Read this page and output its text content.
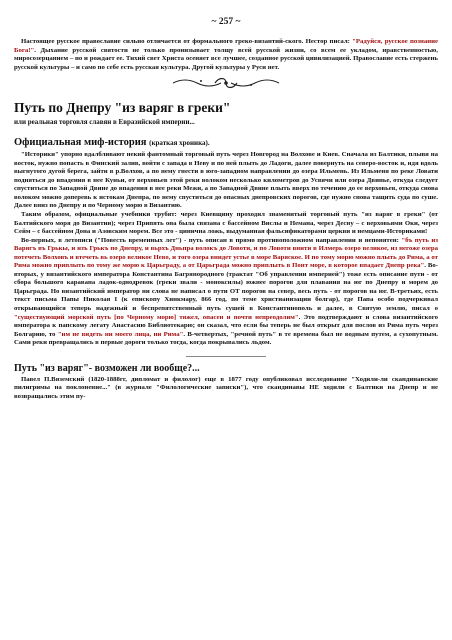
~ 257 ~

Настоящее русское православие сильно отличается от формального греко-византий-ского. Нестор писал: "Радуйся, русское познание Бога!". Дыхание русской святости не только пронизывает толщу всей русской жизни, со всем ее укладом, нравственностью, миросозерцанием – но и рождает ее. Тихий свет Христа осеняет все лучшее, созданное русской цивилизацией. Православие есть стержень русской культуры – и само по себе есть русская культура. Другой культуры у Руси нет.

Путь по Днепру "из варяг в греки"
или реальная торговля славян в Евразийской империи...
Официальная миф-история (краткая хроника).

"Историки" упорно вдалбливают некий фантомный торговый путь через Новгород на Волхове и Киев. Сначала из Балтики, плывя на восток, нужно попасть в Финский залив, войти с запада в Неву и по ней плыть до Ладоги, далее повернуть на северо-восток и, идя вдоль выгнутого дугой берега, зайти в р.Волхов, а по нему гнести в юго-западном направлении до озера Ильмень. Из Ильменя по реке Ловати подняться до впадения в нее Куньи, от верховьев этой реки волоком несколько километров до Усвячи или озера Двинье, откуда следует спуститься по Западной Двине до впадения в нее реки Межи, а по Западной Двине плыть вверх по течению до ее верховьев, откуда снова волоком можно доперевь к истокам Днепра, по нему спуститься до опасных днепровских порогов, где нужно снова тащить суда по суше. Далее вниз по Днепру и по Черному морю в Византию.

Таким образом, официальные учебники трубят: через Киевщину проходил знаменитый торговый путь "из варяг в греки" (от Балтийского моря до Византии); через Припять она была связана с бассейном Вислы и Немана, через Десну – с верховьями Оки, через Сейм – с бассейном Дона и Азовским морем. Все это - цинична ложь, выдуманная фальсификаторами церкви и немцами-Историками!

Во-первых, в летописи ("Повесть временных лет") - путь описан в прямо противоположном направлении и непонятен: "бъ путь из Варягъ въ Грькы, и изъ Грькъ по Днепру, и вьрхъ Дньпра волокъ до Ловоти, и по Ловоти внити в Илмерь озеро великое, из негоже озера потечеть Волховъ и втечеть вь озеро великое Нево, и того озера внидет устье в море Варяское. И по тому морю можно плыть до Рима, а от Рима можно приплыть по тому же морю к Царьграду, а от Царьграда можно приплыть в Понт море, в которое впадает Днепр река". Во-вторых, у византийского императора Константина Багрянородного (трактат "Об управлении империей") тоже есть описание пути - от сбора большого каравана ладок-однодревок (греки звали - моноксилы) южнее порогов для плавания на юг по Днепру и морем до Царьграда. Но византийский император ни слова не написал о пути ОТ порогов на север, весь путь - от порогов на юг. В-третьих, есть текст письма Папы Николая I (к епископу Хинкмару, 866 год, по теме христианизации болгар), где Папа особо подчеркивал открывающийся теперь надежный и беспрепятственный путь сушей в Константинополь и далее, в Святую землю, писал о "существующий морской путь [по Черному морю] тяжел, опасен и почти непреодолим". Это подтверждают и слова византийского императора к папскому легату Анастасию Библиотекарю; он сказал, что если бы теперь не был открыт для послов из Рима путь через Болгарию, то "им не видеть ни моего лица, ни Рима". В-четвертых, "речной путь" в те времена был не водным путем, а сухопутным. Сами реки превращались в первые дороги только тогда, когда покрывались льдом.

Путь "из варяг"- возможен ли вообще?...

Павел П.Вяземский (1820-1888гг, дипломат и филолог) еще в 1877 году опубликовал исследование "Ходили-ли скандинавские пилигримы на поклонение..." (в журнале "Филологические записки"), что скандинавы НЕ ходили с Балтики на Днепр и не возвращались этим пу-
